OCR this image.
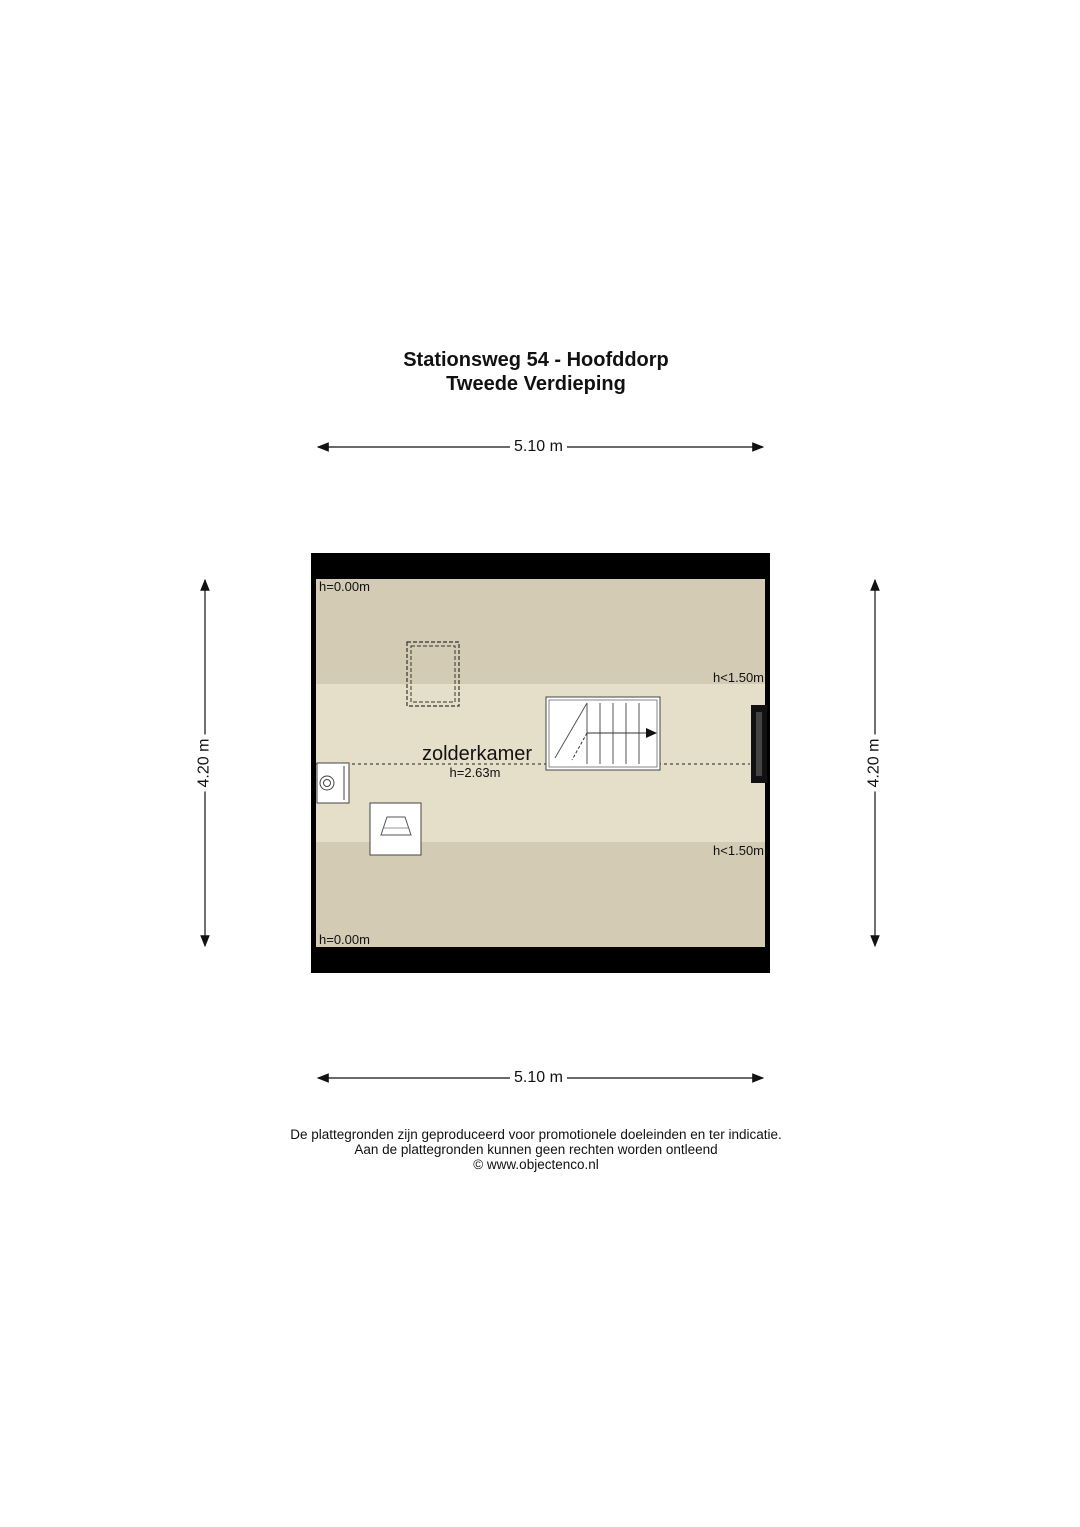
Stationsweg 54 - Hoofddorp
Tweede Verdieping
zolderkamer
h=2.63m
h=0.00m
h=0.00m
h<1.50m
h<1.50m
5.10 m
5.10 m
4.20 m	4.20 m
De plattegronden zijn geproduceerd voor promotionele doeleinden en ter indicatie.
Aan de plattegronden kunnen geen rechten worden ontleend
© www.objectenco.nl
